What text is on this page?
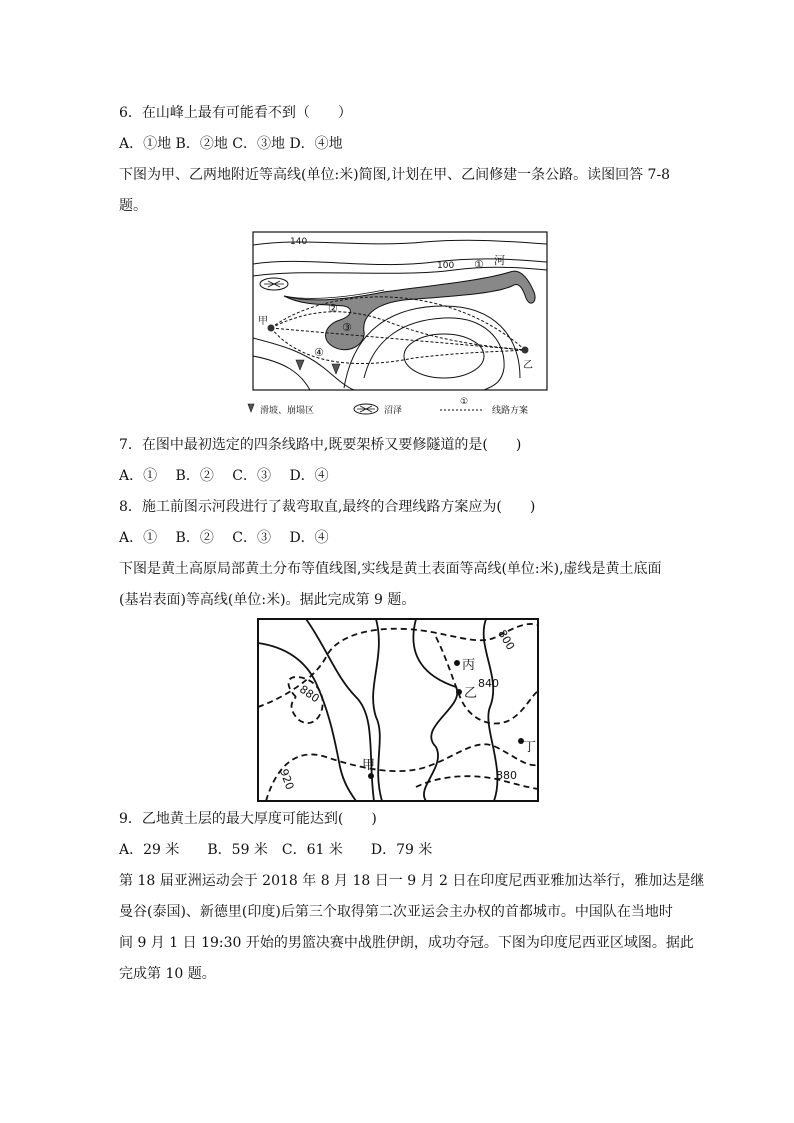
6．在山峰上最有可能看不到（　　）
A．①地 B．②地 C．③地 D．④地
下图为甲、乙两地附近等高线(单位:米)简图,计划在甲、乙间修建一条公路。读图回答 7-8
题。
140
100	河
①
②
③
④
甲
乙
滑坡、崩塌区	沼泽
①
线路方案
7．在图中最初选定的四条线路中,既要架桥又要修隧道的是(　　)
A．①　 B．②　 C．③　 D．④
8．施工前图示河段进行了裁弯取直,最终的合理线路方案应为(　　)
A．①　 B．②　 C．③　 D．④
下图是黄土高原局部黄土分布等值线图,实线是黄土表面等高线(单位:米),虚线是黄土底面
(基岩表面)等高线(单位:米)。据此完成第 9 题。
800
840
880
880
920
丙
乙
甲
丁
9．乙地黄土层的最大厚度可能达到(　　)
A．29 米　　B．59 米　C．61 米　　D．79 米
第 18 届亚洲运动会于 2018 年 8 月 18 日一 9 月 2 日在印度尼西亚雅加达举行，雅加达是继
曼谷(泰国)、新德里(印度)后第三个取得第二次亚运会主办权的首都城市。中国队在当地时
间 9 月 1 日 19:30 开始的男篮决赛中战胜伊朗，成功夺冠。下图为印度尼西亚区域图。据此
完成第 10 题。
